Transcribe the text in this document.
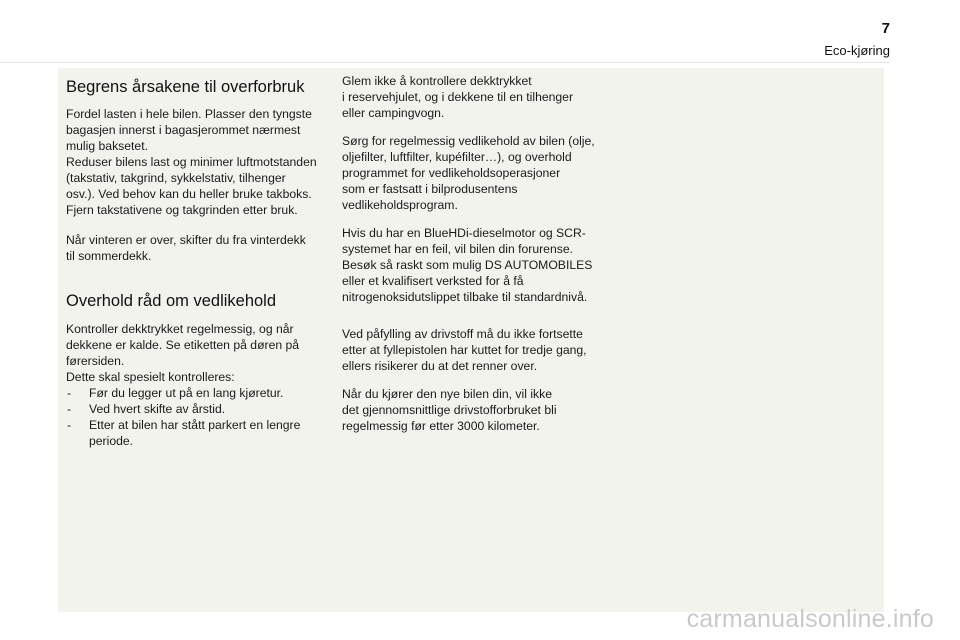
7
Eco-kjøring
Begrens årsakene til overforbruk

Fordel lasten i hele bilen. Plasser den tyngste
bagasjen innerst i bagasjerommet nærmest
mulig baksetet.
Reduser bilens last og minimer luftmotstanden
(takstativ, takgrind, sykkelstativ, tilhenger
osv.). Ved behov kan du heller bruke takboks.
Fjern takstativene og takgrinden etter bruk.

Når vinteren er over, skifter du fra vinterdekk
til sommerdekk.

Overhold råd om vedlikehold

Kontroller dekktrykket regelmessig, og når
dekkene er kalde. Se etiketten på døren på
førersiden.
Dette skal spesielt kontrolleres:

- Før du legger ut på en lang kjøretur.
- Ved hvert skifte av årstid.
- Etter at bilen har stått parkert en lengre periode.

Glem ikke å kontrollere dekktrykket
i reservehjulet, og i dekkene til en tilhenger
eller campingvogn.

Sørg for regelmessig vedlikehold av bilen (olje,
oljefilter, luftfilter, kupéfilter…), og overhold
programmet for vedlikeholdsoperasjoner
som er fastsatt i bilprodusentens
vedlikeholdsprogram.

Hvis du har en BlueHDi-dieselmotor og SCR-
systemet har en feil, vil bilen din forurense.
Besøk så raskt som mulig DS AUTOMOBILES
eller et kvalifisert verksted for å få
nitrogenoksidutslippet tilbake til standardnivå.

Ved påfylling av drivstoff må du ikke fortsette
etter at fyllepistolen har kuttet for tredje gang,
ellers risikerer du at det renner over.

Når du kjører den nye bilen din, vil ikke
det gjennomsnittlige drivstofforbruket bli
regelmessig før etter 3000 kilometer.

carmanualsonline.info
